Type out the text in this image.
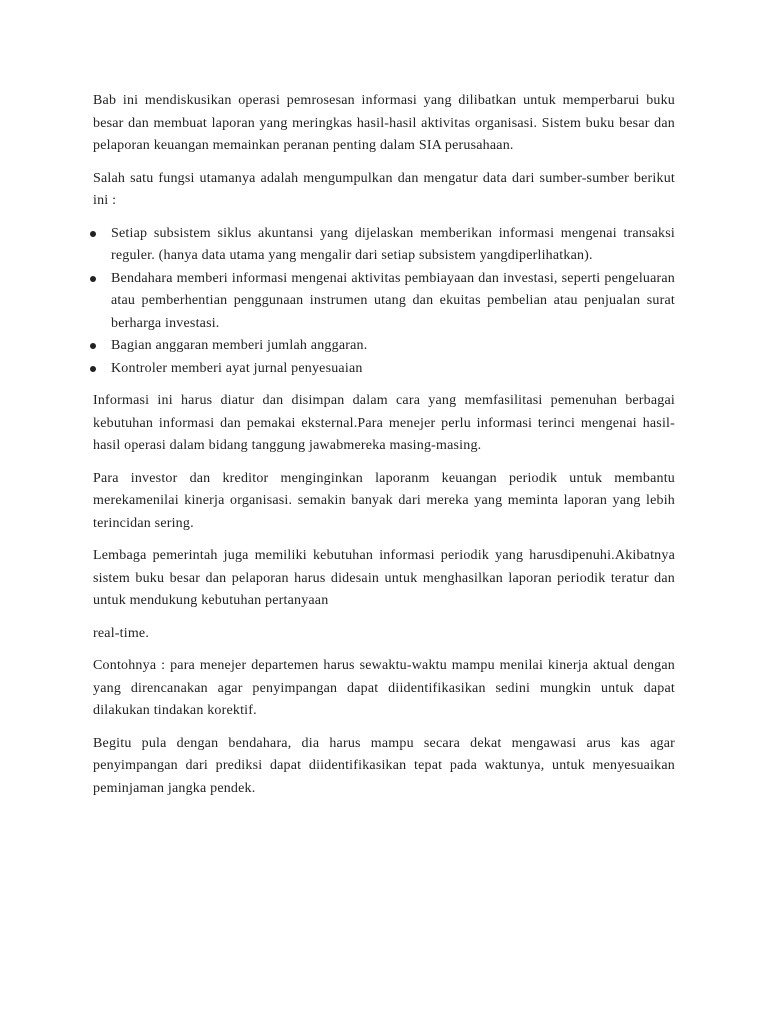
Bab ini mendiskusikan operasi pemrosesan informasi yang dilibatkan untuk memperbarui buku besar dan membuat laporan yang meringkas hasil-hasil aktivitas organisasi. Sistem buku besar dan pelaporan keuangan memainkan peranan penting dalam SIA perusahaan.

Salah satu fungsi utamanya adalah mengumpulkan dan mengatur data dari sumber-sumber berikut ini :

Setiap subsistem siklus akuntansi yang dijelaskan memberikan informasi mengenai transaksi reguler. (hanya data utama yang mengalir dari setiap subsistem yangdiperlihatkan).
Bendahara memberi informasi mengenai aktivitas pembiayaan dan investasi, seperti pengeluaran atau pemberhentian penggunaan instrumen utang dan ekuitas pembelian atau penjualan surat berharga investasi.
Bagian anggaran memberi jumlah anggaran.
Kontroler memberi ayat jurnal penyesuaian

Informasi ini harus diatur dan disimpan dalam cara yang memfasilitasi pemenuhan berbagai kebutuhan informasi dan pemakai eksternal.Para menejer perlu informasi terinci mengenai hasil-hasil operasi dalam bidang tanggung jawabmereka masing-masing.

Para investor dan kreditor menginginkan laporanm keuangan periodik untuk membantu merekamenilai kinerja organisasi. semakin banyak dari mereka yang meminta laporan yang lebih terincidan sering.

Lembaga pemerintah juga memiliki kebutuhan informasi periodik yang harusdipenuhi.Akibatnya sistem buku besar dan pelaporan harus didesain untuk menghasilkan laporan periodik teratur dan untuk mendukung kebutuhan pertanyaan

real-time.

Contohnya : para menejer departemen harus sewaktu-waktu mampu menilai kinerja aktual dengan yang direncanakan agar penyimpangan dapat diidentifikasikan sedini mungkin untuk dapat dilakukan tindakan korektif.

Begitu pula dengan bendahara, dia harus mampu secara dekat mengawasi arus kas agar penyimpangan dari prediksi dapat diidentifikasikan tepat pada waktunya, untuk menyesuaikan peminjaman jangka pendek.
